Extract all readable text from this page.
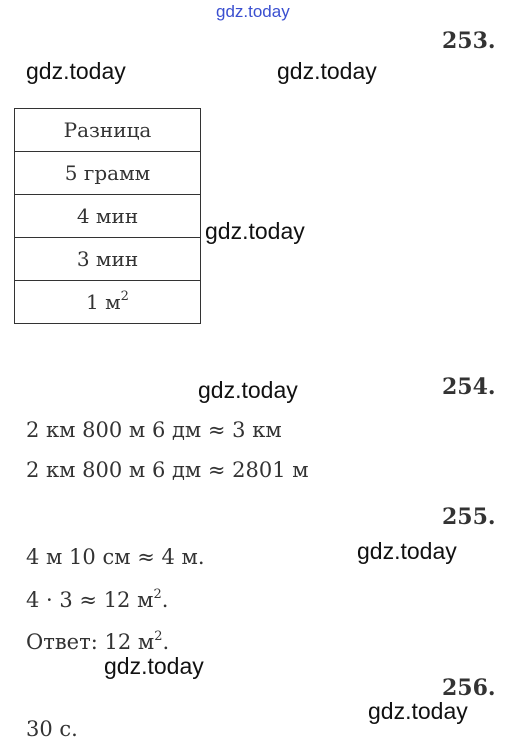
gdz.today
253.
gdz.today	gdz.today
Разница
5 грамм
4 мин
3 мин
1 $м^2$
gdz.today
gdz.today	254.
2 км 800 м 6 дм ≈ 3 км
2 км 800 м 6 дм ≈ 2801 м
255.
4 м 10 см ≈ 4 м.	gdz.today
4 · 3 ≈ 12 $м^2$.
Ответ: 12 $м^2$.
gdz.today
256.
gdz.today
30 с.
